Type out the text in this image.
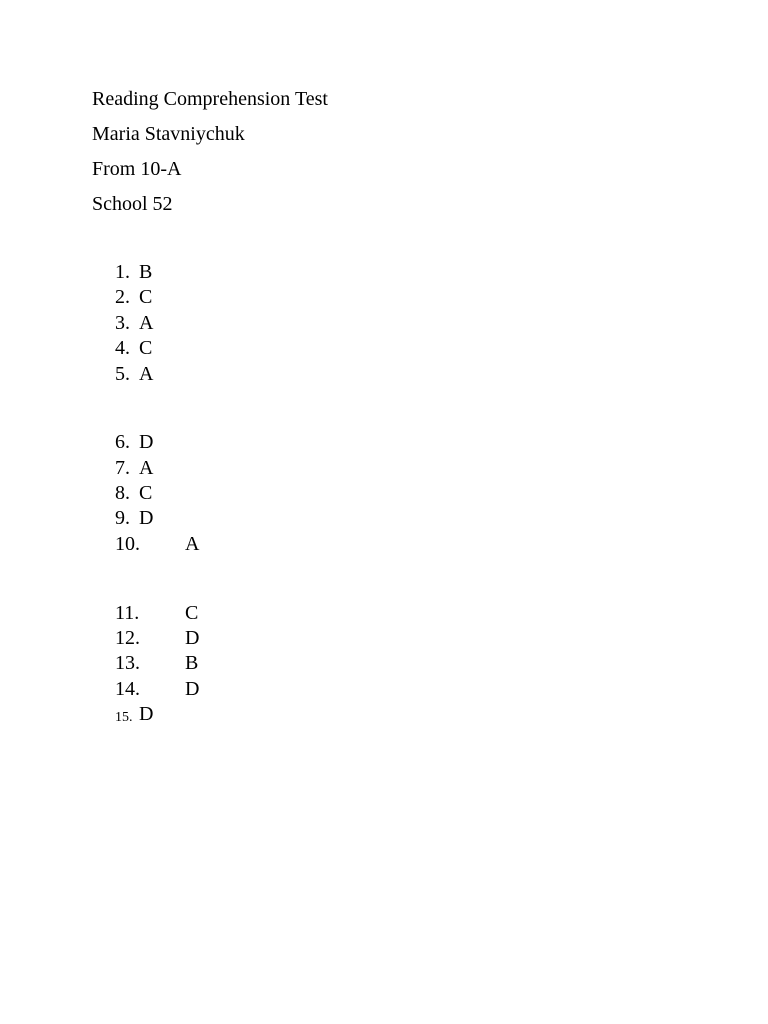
Reading Comprehension Test
Maria Stavniychuk
From 10-A
School 52
1. B
2. C
3. A
4. C
5. A
6. D
7. A
8. C
9. D
10. A
11. C
12. D
13. B
14. D
15. D
